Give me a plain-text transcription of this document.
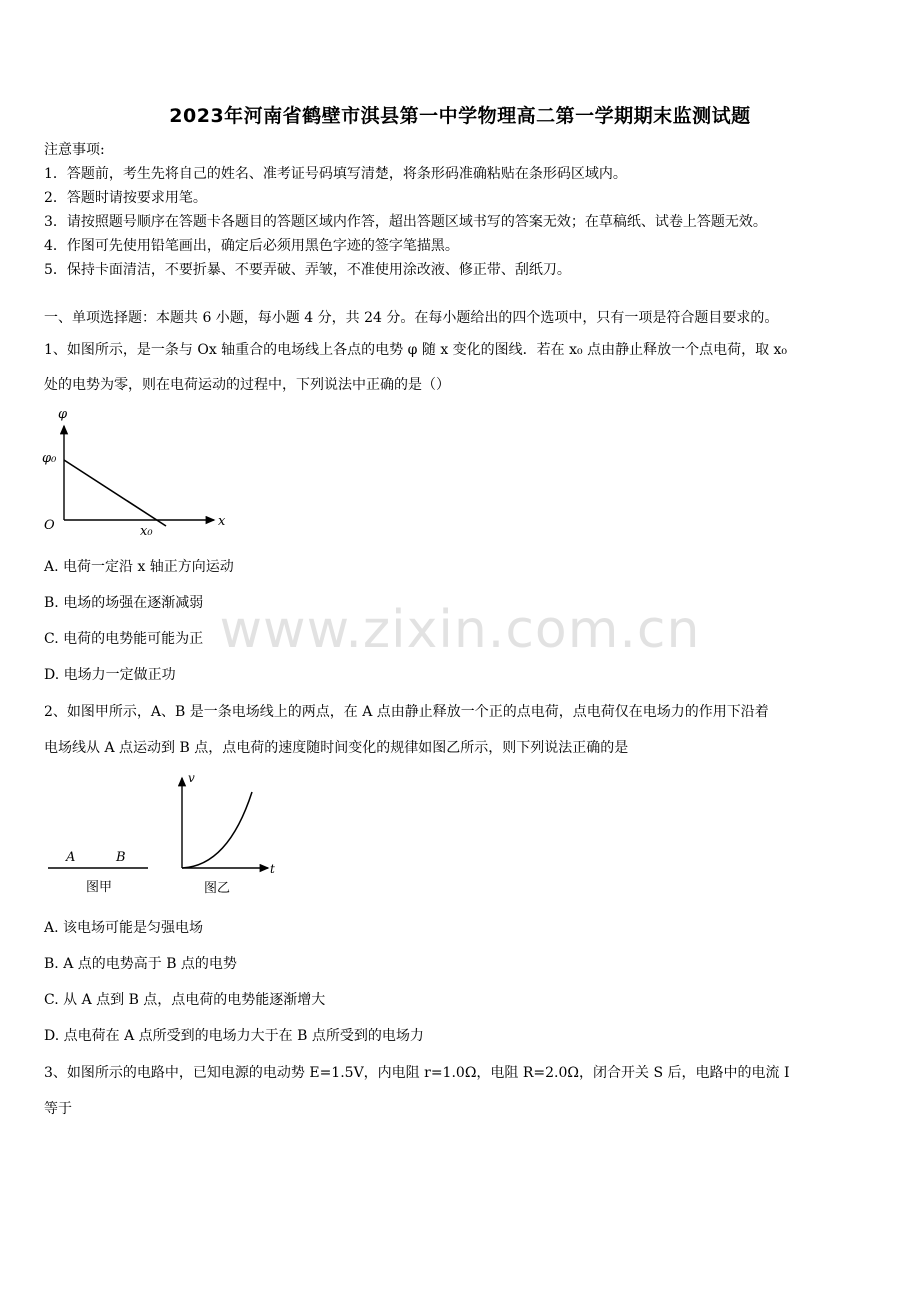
2023年河南省鹤壁市淇县第一中学物理高二第一学期期末监测试题
注意事项:
1．答题前，考生先将自己的姓名、准考证号码填写清楚，将条形码准确粘贴在条形码区域内。
2．答题时请按要求用笔。
3．请按照题号顺序在答题卡各题目的答题区域内作答，超出答题区域书写的答案无效；在草稿纸、试卷上答题无效。
4．作图可先使用铅笔画出，确定后必须用黑色字迹的签字笔描黑。
5．保持卡面清洁，不要折暴、不要弄破、弄皱，不准使用涂改液、修正带、刮纸刀。
一、单项选择题：本题共 6 小题，每小题 4 分，共 24 分。在每小题给出的四个选项中，只有一项是符合题目要求的。
1、如图所示，是一条与 Ox 轴重合的电场线上各点的电势 φ 随 x 变化的图线．若在 x₀ 点由静止释放一个点电荷，取 x₀
处的电势为零，则在电荷运动的过程中，下列说法中正确的是（）
φ
x
O
φ₀
x₀
A. 电荷一定沿 x 轴正方向运动
B. 电场的场强在逐渐减弱
C. 电荷的电势能可能为正
D. 电场力一定做正功
www.zixin.com.cn
2、如图甲所示，A、B 是一条电场线上的两点，在 A 点由静止释放一个正的点电荷，点电荷仅在电场力的作用下沿着
电场线从 A 点运动到 B 点，点电荷的速度随时间变化的规律如图乙所示，则下列说法正确的是
A	B
图甲
v
t
图乙
A. 该电场可能是匀强电场
B. A 点的电势高于 B 点的电势
C. 从 A 点到 B 点，点电荷的电势能逐渐增大
D. 点电荷在 A 点所受到的电场力大于在 B 点所受到的电场力
3、如图所示的电路中，已知电源的电动势 E=1.5V，内电阻 r=1.0Ω，电阻 R=2.0Ω，闭合开关 S 后，电路中的电流 I
等于
